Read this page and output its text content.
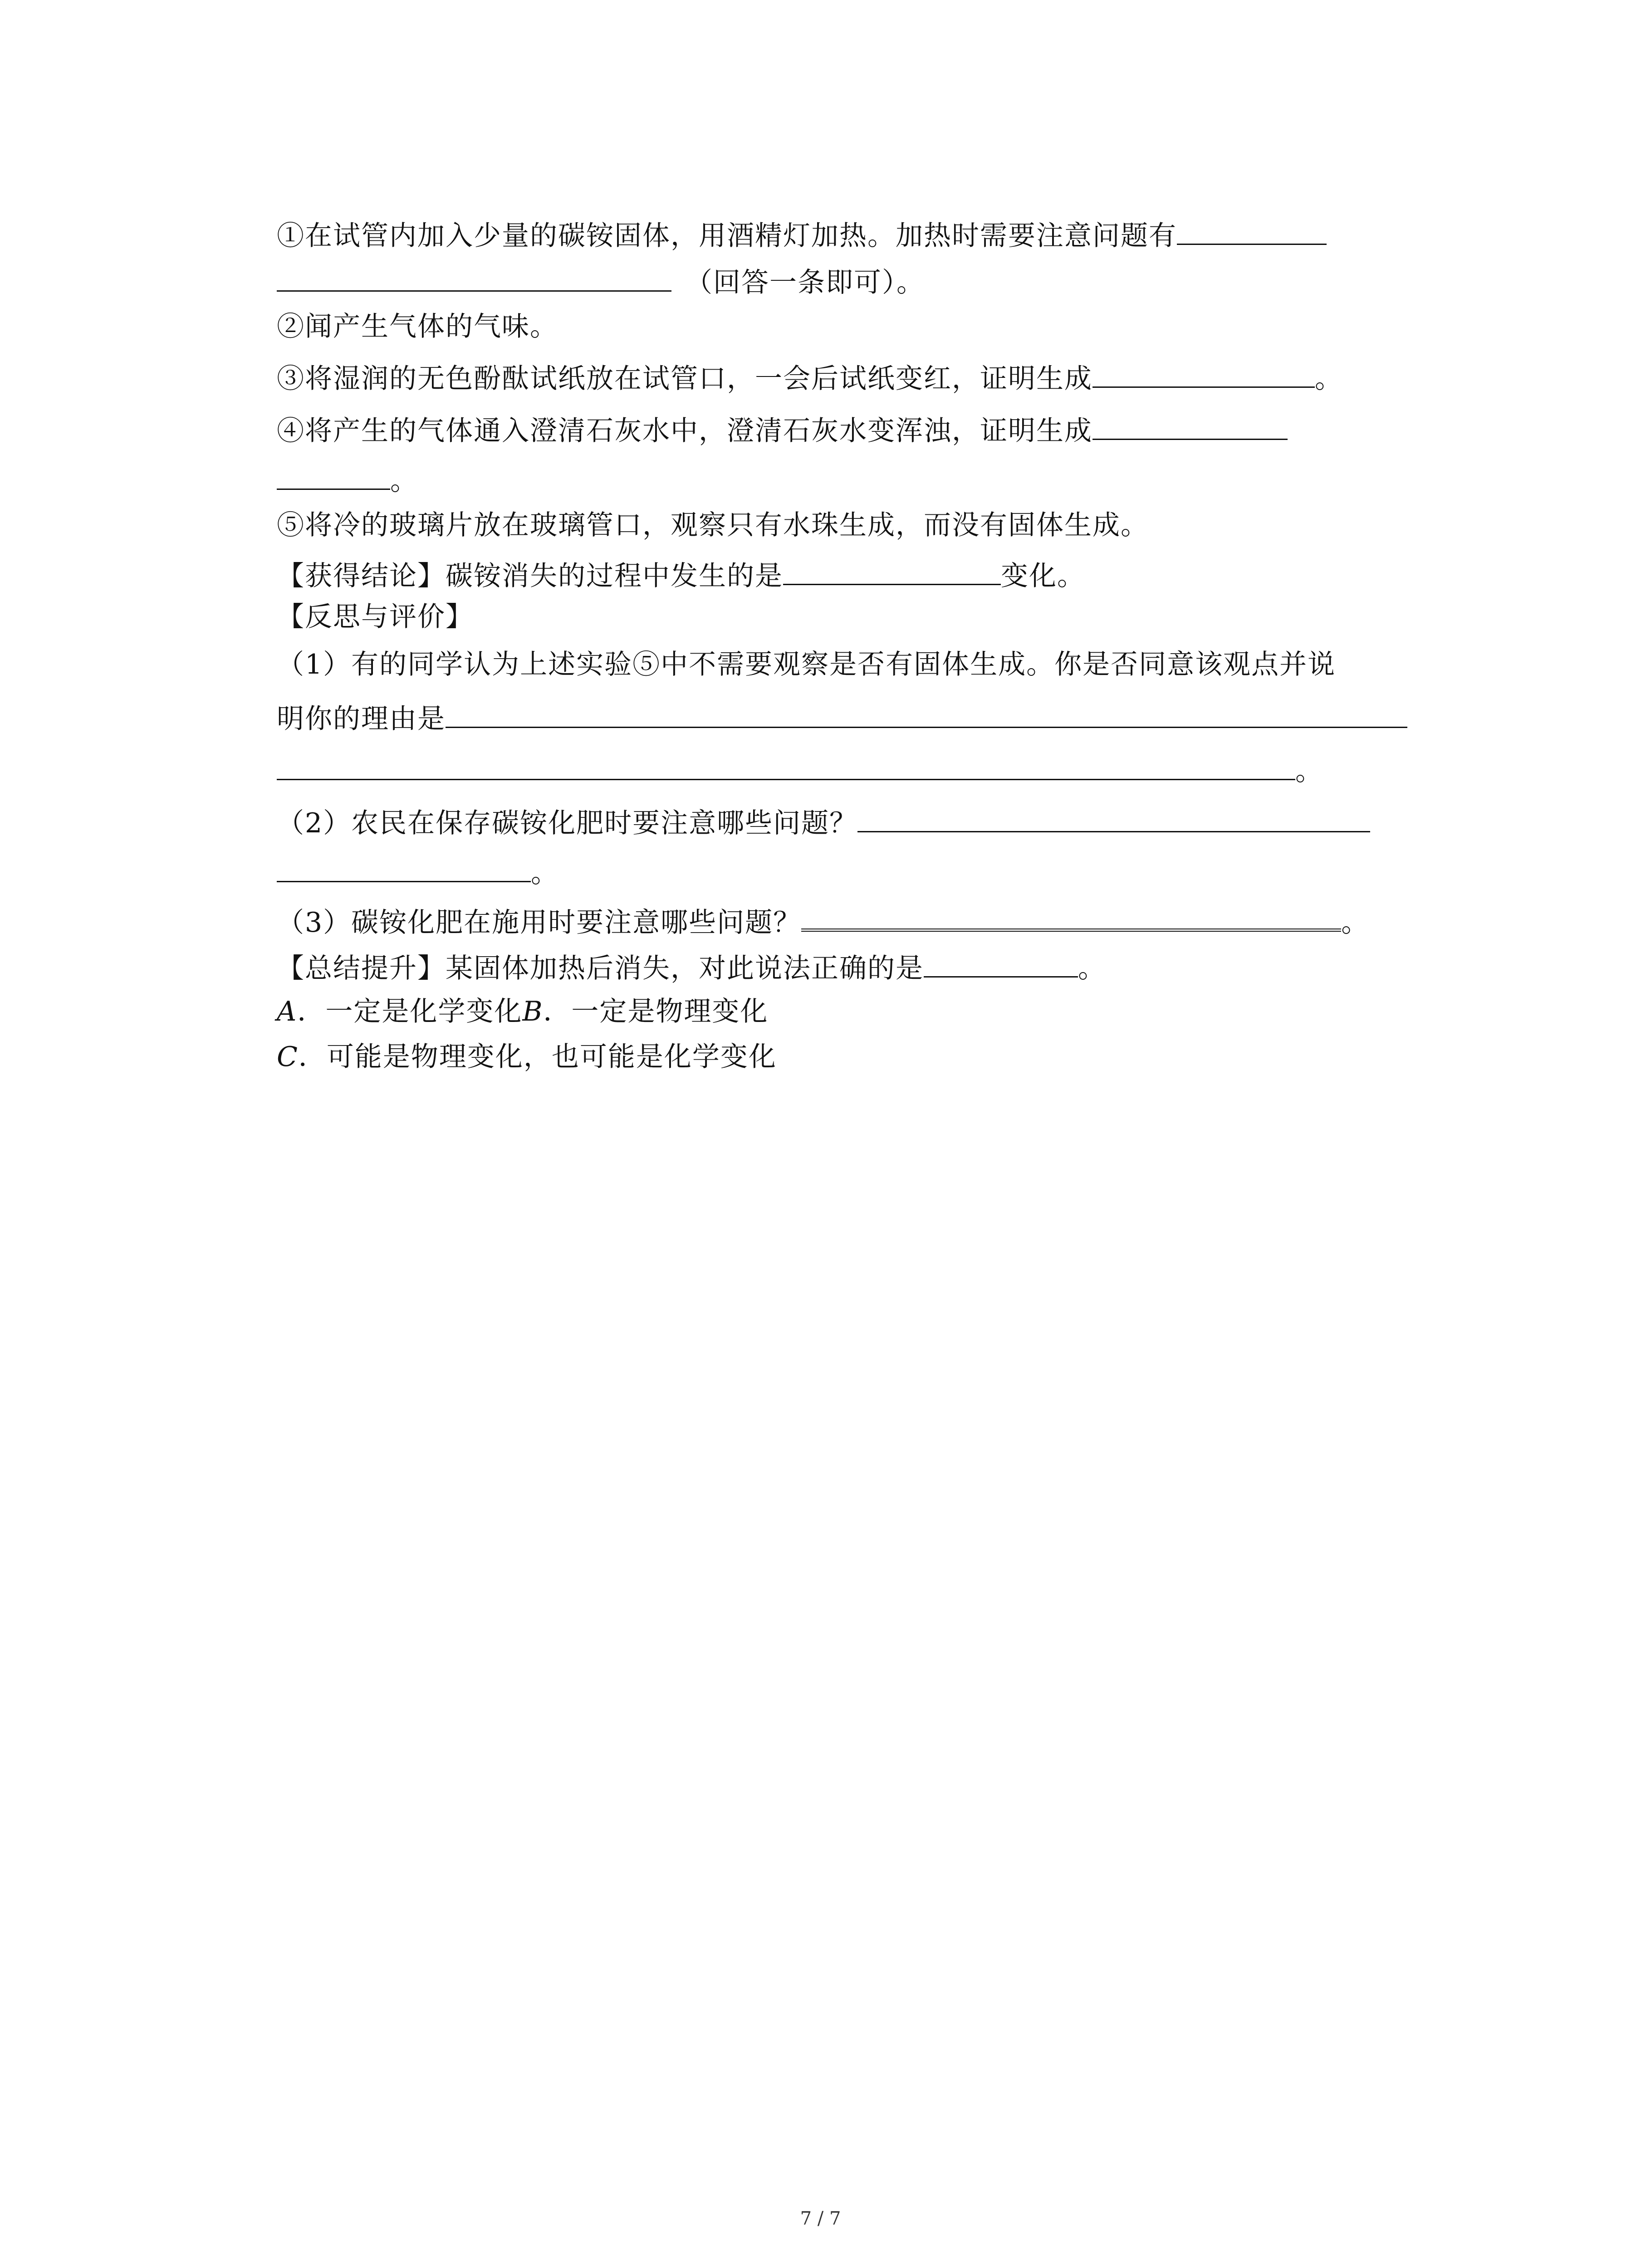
①在试管内加入少量的碳铵固体，用酒精灯加热。加热时需要注意问题有
（回答一条即可）。
②闻产生气体的气味。
③将湿润的无色酚酞试纸放在试管口，一会后试纸变红，证明生成	。
④将产生的气体通入澄清石灰水中，澄清石灰水变浑浊，证明生成
。
⑤将冷的玻璃片放在玻璃管口，观察只有水珠生成，而没有固体生成。
【获得结论】碳铵消失的过程中发生的是	变化。
【反思与评价】
（1）有的同学认为上述实验⑤中不需要观察是否有固体生成。你是否同意该观点并说
明你的理由是
。
（2）农民在保存碳铵化肥时要注意哪些问题？
。
（3）碳铵化肥在施用时要注意哪些问题？	。
【总结提升】某固体加热后消失，对此说法正确的是	。
A．一定是化学变化B．一定是物理变化
C．可能是物理变化，也可能是化学变化
7 / 7
